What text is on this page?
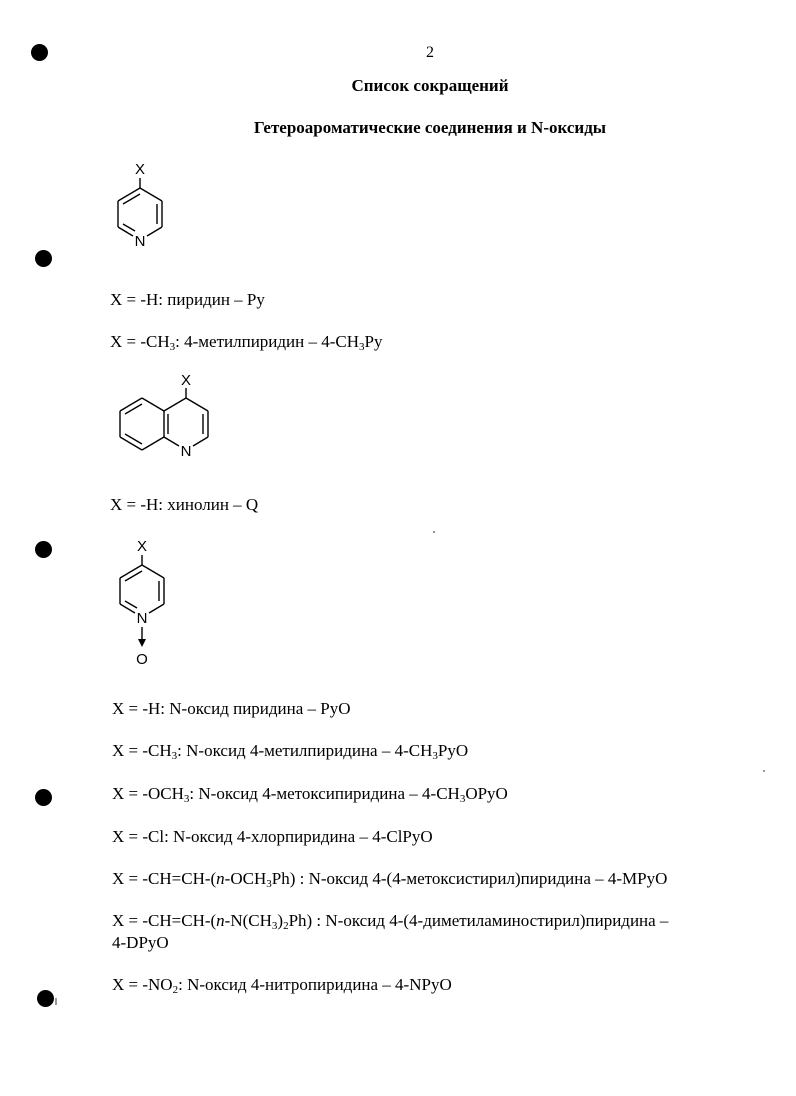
2
Список сокращений
Гетероароматические соединения и N-оксиды
X
N
X = -H: пиридин – Py
$X = -CH_3$: 4-метилпиридин – $4-CH_3Py$
X
N
X = -H: хинолин – Q
X
N
O
X = -H: N-оксид пиридина – PyO
$X = -CH_3$: N-оксид 4-метилпиридина – $4-CH_3PyO$
$X = -OCH_3$: N-оксид 4-метоксипиридина – $4-CH_3OPyO$
X = -Cl: N-оксид 4-хлорпиридина – 4-ClPyO
$X = -CH=CH-(n-OCH_3Ph)$ : N-оксид 4-(4-метоксистирил)пиридина – 4-MPyO
$X = -CH=CH-(n-N(CH_3)_2Ph)$ : N-оксид 4-(4-диметиламиностирил)пиридина –
4-DPyO
$X = -NO_2$: N-оксид 4-нитропиридина – 4-NPyO
